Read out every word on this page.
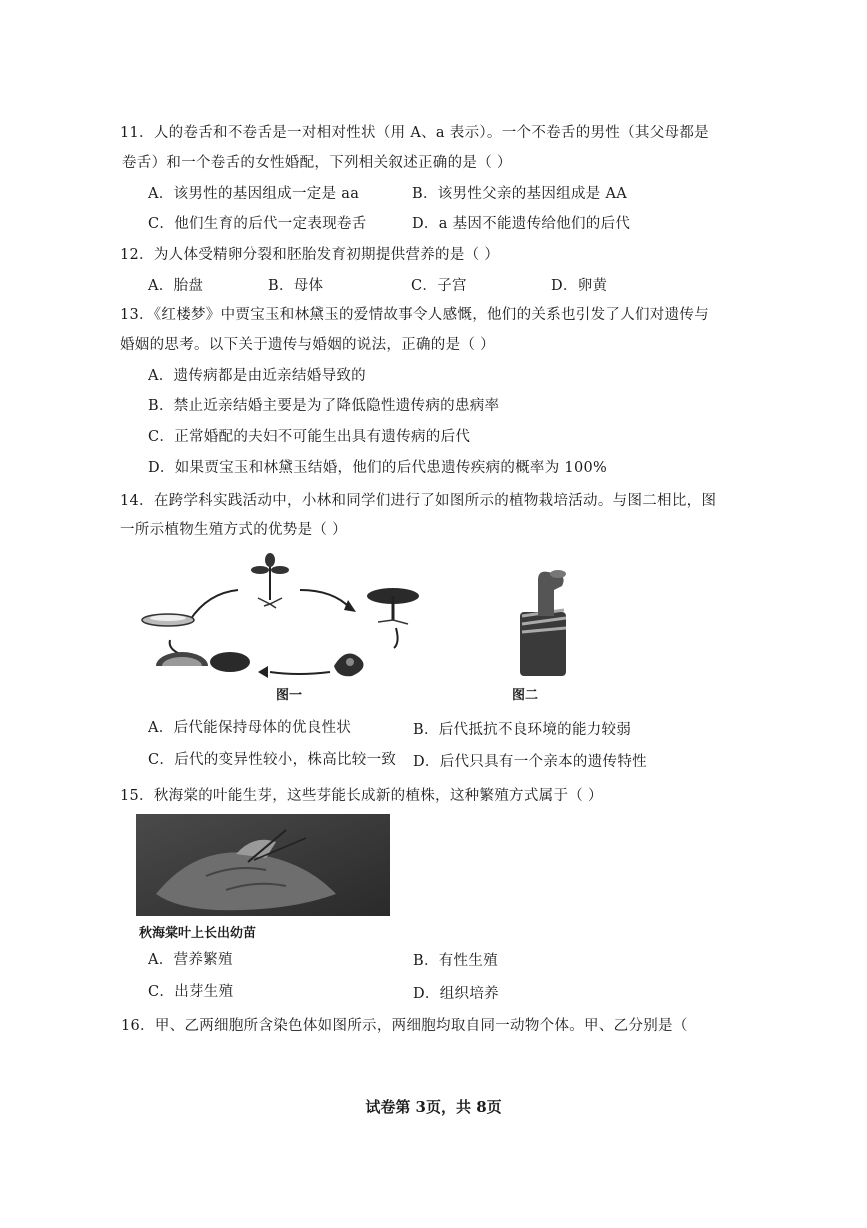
11．人的卷舌和不卷舌是一对相对性状（用 A、a 表示）。一个不卷舌的男性（其父母都是
卷舌）和一个卷舌的女性婚配，下列相关叙述正确的是（ ）
A．该男性的基因组成一定是 aa	B．该男性父亲的基因组成是 AA
C．他们生育的后代一定表现卷舌	D．a 基因不能遗传给他们的后代
12．为人体受精卵分裂和胚胎发育初期提供营养的是（ ）
A．胎盘	B．母体	C．子宫	D．卵黄
13．《红楼梦》中贾宝玉和林黛玉的爱情故事令人感慨，他们的关系也引发了人们对遗传与
婚姻的思考。以下关于遗传与婚姻的说法，正确的是（ ）
A．遗传病都是由近亲结婚导致的
B．禁止近亲结婚主要是为了降低隐性遗传病的患病率
C．正常婚配的夫妇不可能生出具有遗传病的后代
D．如果贾宝玉和林黛玉结婚，他们的后代患遗传疾病的概率为 100%
14．在跨学科实践活动中，小林和同学们进行了如图所示的植物栽培活动。与图二相比，图
一所示植物生殖方式的优势是（ ）
图一	图二
A．后代能保持母体的优良性状	B．后代抵抗不良环境的能力较弱
C．后代的变异性较小，株高比较一致 D．后代只具有一个亲本的遗传特性
15．秋海棠的叶能生芽，这些芽能长成新的植株，这种繁殖方式属于（ ）
秋海棠叶上长出幼苗
A．营养繁殖	B．有性生殖
C．出芽生殖	D．组织培养
16．甲、乙两细胞所含染色体如图所示，两细胞均取自同一动物个体。甲、乙分别是（
试卷第 3页，共 8页
